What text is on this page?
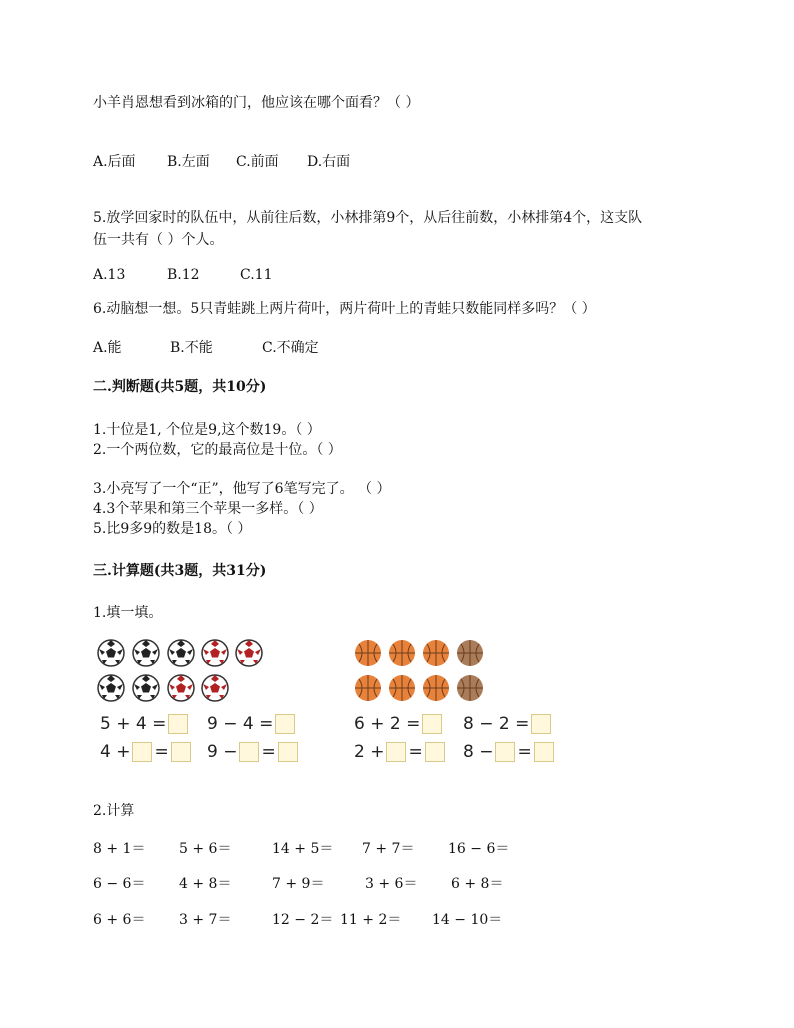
小羊肖恩想看到冰箱的门，他应该在哪个面看？（ ）
A.后面 B.左面 C.前面 D.右面
5.放学回家时的队伍中，从前往后数，小林排第9个，从后往前数，小林排第4个，这支队
伍一共有（ ）个人。
A.13	B.12	C.11
6.动脑想一想。5只青蛙跳上两片荷叶，两片荷叶上的青蛙只数能同样多吗？（ ）
A.能	B.不能	C.不确定
二.判断题(共5题，共10分)
1.十位是1, 个位是9,这个数19。（ ）
2.一个两位数，它的最高位是十位。（ ）
3.小亮写了一个“正”，他写了6笔写完了。 （ ）
4.3个苹果和第三个苹果一多样。（ ）
5.比9多9的数是18。（ ）
三.计算题(共3题，共31分)
1.填一填。
5 + 4 =	9 − 4 =
4 + =	9 − =
6 + 2 =	8 − 2 =
2 + =	8 − =
2.计算
8 + 1＝ 5 + 6＝	14 + 5＝ 7 + 7＝ 16 − 6＝
6 − 6＝ 4 + 8＝	7 + 9＝	3 + 6＝ 6 + 8＝
6 + 6＝ 3 + 7＝	12 − 2＝ 11 + 2＝ 14 − 10＝
